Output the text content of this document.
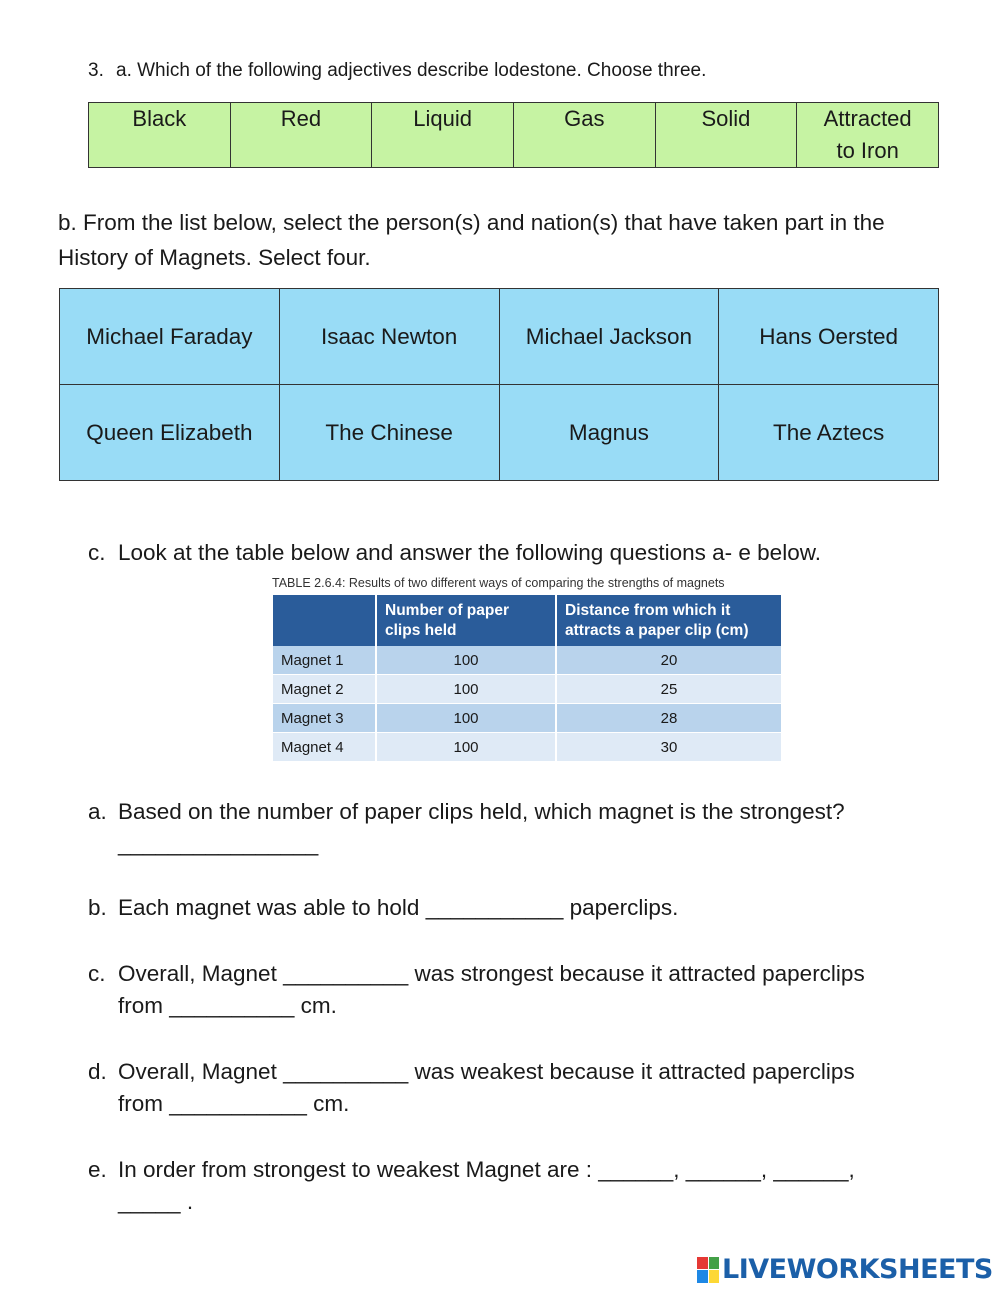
3. a. Which of the following adjectives describe lodestone. Choose three.
Black	Red	Liquid	Gas	Solid	Attracted to Iron
b. From the list below, select the person(s) and nation(s) that have taken part in the History of Magnets. Select four.
Michael Faraday	Isaac Newton	Michael Jackson	Hans Oersted
Queen Elizabeth	The Chinese	Magnus	The Aztecs
c. Look at the table below and answer the following questions a- e below.
TABLE 2.6.4: Results of two different ways of comparing the strengths of magnets
	Number of paper clips held	Distance from which it attracts a paper clip (cm)
Magnet 1	100	20
Magnet 2	100	25
Magnet 3	100	28
Magnet 4	100	30
a. Based on the number of paper clips held, which magnet is the strongest?
________________
b. Each magnet was able to hold ___________ paperclips.
c. Overall, Magnet __________ was strongest because it attracted paperclips
from __________ cm.
d. Overall, Magnet __________ was weakest because it attracted paperclips
from ___________ cm.
e. In order from strongest to weakest Magnet are : ______, ______, ______,
_____ .
LIVEWORKSHEETS
